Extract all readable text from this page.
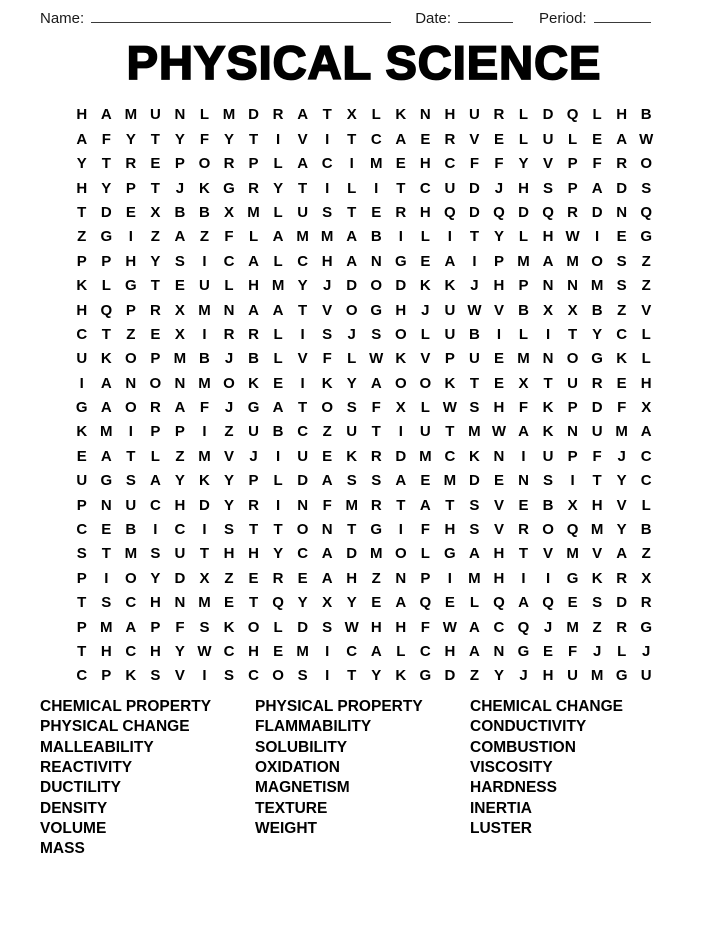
Name:	Date:	Period:
PHYSICAL SCIENCE
H A M U N L M D R A T X L K N H U R L D Q L H B
A F Y T Y F Y T	I	V	I	T C A E R V E L U L E A W
Y T R E P O R P L A C	I	M E H C F	F Y V P F R O
H Y P T	J K G R Y T	I	L	I	T C U D J H S P A D S
T D E X B B X M L U S T E R H Q D Q D Q R D N Q
Z G	I	Z A Z	F	L A M M A B	I	L	I	T Y L H W	I	E G
P P H Y S	I	C A L C H A N G E A	I	P M A M O S Z
K L G T E U L H M Y	J D O D K K J H P N N M S Z
H Q P R X M N A A T V O G H J U W V B X X B Z V
C T	Z E X	I	R R L	I	S	J	S O L U B	I	L	I	T Y C L
U K O P M B J B L V F	L W K V P U E M N O G K L
I	A N O N M O K E	I	K Y A O O K T E X T U R E H
G A O R A F	J G A T O S F X L W S H F K P D F X
K M	I	P P	I	Z U B C Z U T	I	U T M W A K N U M A
E A T	L	Z M V	J	I	U E K R D M C K N	I	U P F	J C
U G S A Y K Y P L D A S S A E M D E N S	I	T Y C
P N U C H D Y R	I	N F M R T A T S V E B X H V L
C E B	I	C	I	S T	T O N T G	I	F H S V R O Q M Y B
S T M S U T H H Y C A D M O L G A H T V M V A Z
P	I	O Y D X Z E R E A H Z N P	I	M H	I	I	G K R X
T S C H N M E T Q Y X Y E A Q E L Q A Q E S D R
P M A P F S K O L D S W H H F W A C Q J M Z R G
T H C H Y W C H E M	I	C A L C H A N G E F	J	L	J
C P K S V	I	S C O S	I	T Y K G D Z Y	J H U M G U
CHEMICAL PROPERTY
PHYSICAL CHANGE
MALLEABILITY
REACTIVITY
DUCTILITY
DENSITY
VOLUME
MASS
PHYSICAL PROPERTY
FLAMMABILITY
SOLUBILITY
OXIDATION
MAGNETISM
TEXTURE
WEIGHT
CHEMICAL CHANGE
CONDUCTIVITY
COMBUSTION
VISCOSITY
HARDNESS
INERTIA
LUSTER
